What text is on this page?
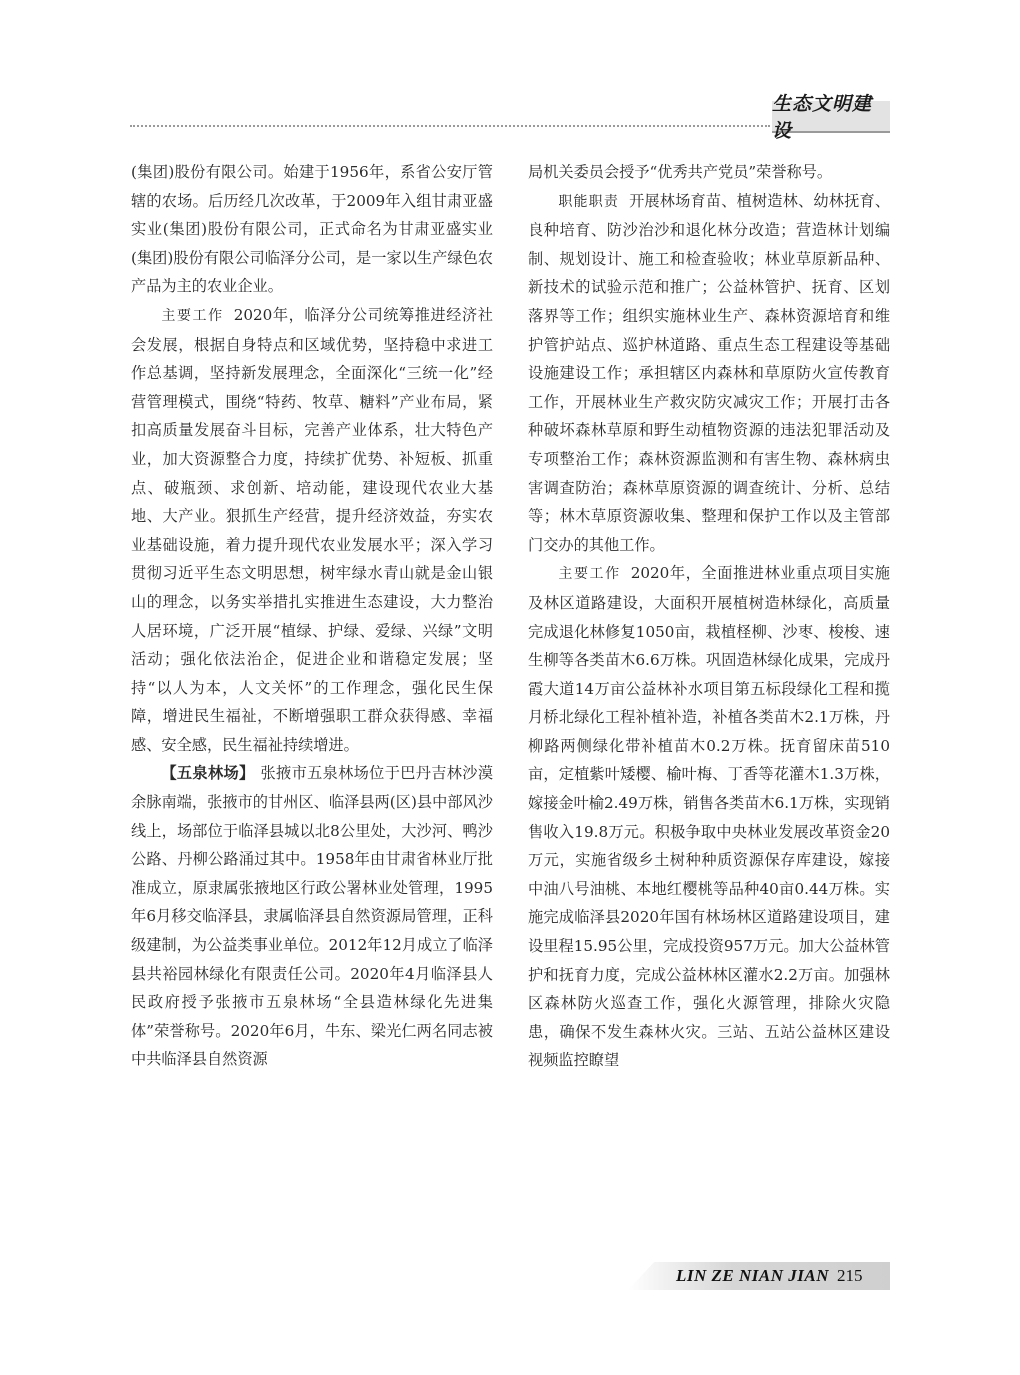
生态文明建设

(集团)股份有限公司。始建于1956年，系省公安厅管辖的农场。后历经几次改革，于2009年入组甘肃亚盛实业(集团)股份有限公司，正式命名为甘肃亚盛实业(集团)股份有限公司临泽分公司，是一家以生产绿色农产品为主的农业企业。

主要工作 2020年，临泽分公司统筹推进经济社会发展，根据自身特点和区域优势，坚持稳中求进工作总基调，坚持新发展理念，全面深化“三统一化”经营管理模式，围绕“特药、牧草、糖料”产业布局，紧扣高质量发展奋斗目标，完善产业体系，壮大特色产业，加大资源整合力度，持续扩优势、补短板、抓重点、破瓶颈、求创新、培动能，建设现代农业大基地、大产业。狠抓生产经营，提升经济效益，夯实农业基础设施，着力提升现代农业发展水平；深入学习贯彻习近平生态文明思想，树牢绿水青山就是金山银山的理念，以务实举措扎实推进生态建设，大力整治人居环境，广泛开展“植绿、护绿、爱绿、兴绿”文明活动；强化依法治企，促进企业和谐稳定发展；坚持“以人为本，人文关怀”的工作理念，强化民生保障，增进民生福祉，不断增强职工群众获得感、幸福感、安全感，民生福祉持续增进。

【五泉林场】 张掖市五泉林场位于巴丹吉林沙漠余脉南端，张掖市的甘州区、临泽县两(区)县中部风沙线上，场部位于临泽县城以北8公里处，大沙河、鸭沙公路、丹柳公路涌过其中。1958年由甘肃省林业厅批准成立，原隶属张掖地区行政公署林业处管理，1995年6月移交临泽县，隶属临泽县自然资源局管理，正科级建制，为公益类事业单位。2012年12月成立了临泽县共裕园林绿化有限责任公司。2020年4月临泽县人民政府授予张掖市五泉林场“全县造林绿化先进集体”荣誉称号。2020年6月，牛东、梁光仁两名同志被中共临泽县自然资源

局机关委员会授予“优秀共产党员”荣誉称号。

职能职责 开展林场育苗、植树造林、幼林抚育、良种培育、防沙治沙和退化林分改造；营造林计划编制、规划设计、施工和检查验收；林业草原新品种、新技术的试验示范和推广；公益林管护、抚育、区划落界等工作；组织实施林业生产、森林资源培育和维护管护站点、巡护林道路、重点生态工程建设等基础设施建设工作；承担辖区内森林和草原防火宣传教育工作，开展林业生产救灾防灾减灾工作；开展打击各种破坏森林草原和野生动植物资源的违法犯罪活动及专项整治工作；森林资源监测和有害生物、森林病虫害调查防治；森林草原资源的调查统计、分析、总结等；林木草原资源收集、整理和保护工作以及主管部门交办的其他工作。

主要工作 2020年，全面推进林业重点项目实施及林区道路建设，大面积开展植树造林绿化，高质量完成退化林修复1050亩，栽植柽柳、沙枣、梭梭、速生柳等各类苗木6.6万株。巩固造林绿化成果，完成丹霞大道14万亩公益林补水项目第五标段绿化工程和揽月桥北绿化工程补植补造，补植各类苗木2.1万株，丹柳路两侧绿化带补植苗木0.2万株。抚育留床苗510亩，定植紫叶矮樱、榆叶梅、丁香等花灌木1.3万株，嫁接金叶榆2.49万株，销售各类苗木6.1万株，实现销售收入19.8万元。积极争取中央林业发展改革资金20万元，实施省级乡土树种种质资源保存库建设，嫁接中油八号油桃、本地红樱桃等品种40亩0.44万株。实施完成临泽县2020年国有林场林区道路建设项目，建设里程15.95公里，完成投资957万元。加大公益林管护和抚育力度，完成公益林林区灌水2.2万亩。加强林区森林防火巡查工作，强化火源管理，排除火灾隐患，确保不发生森林火灾。三站、五站公益林区建设视频监控瞭望

LIN ZE NIAN JIAN 215
